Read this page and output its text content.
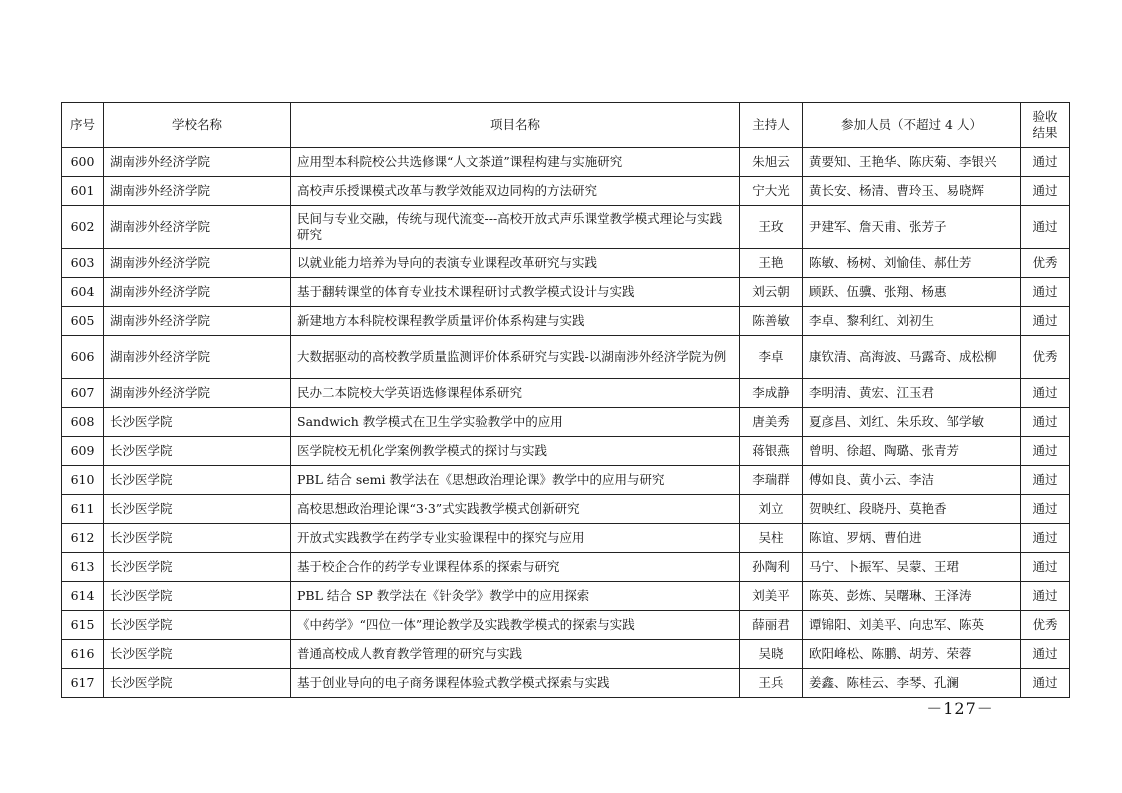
序号	学校名称	项目名称	主持人	参加人员（不超过 4 人）	验收
结果
600	湖南涉外经济学院	应用型本科院校公共选修课“人文茶道”课程构建与实施研究	朱旭云	黄要知、王艳华、陈庆菊、李银兴	通过
601	湖南涉外经济学院	高校声乐授课模式改革与教学效能双边同构的方法研究	宁大光	黄长安、杨清、曹玲玉、易晓辉	通过
602	湖南涉外经济学院	民间与专业交融，传统与现代流变---高校开放式声乐课堂教学模式理论与实践研究	王玫	尹建军、詹天甫、张芳子	通过
603	湖南涉外经济学院	以就业能力培养为导向的表演专业课程改革研究与实践	王艳	陈敏、杨树、刘愉佳、郝仕芳	优秀
604	湖南涉外经济学院	基于翻转课堂的体育专业技术课程研讨式教学模式设计与实践	刘云朝	顾跃、伍骥、张翔、杨惠	通过
605	湖南涉外经济学院	新建地方本科院校课程教学质量评价体系构建与实践	陈善敏	李卓、黎利红、刘初生	通过
606	湖南涉外经济学院	大数据驱动的高校教学质量监测评价体系研究与实践-以湖南涉外经济学院为例	李卓	康钦清、高海波、马露奇、成松柳	优秀
607	湖南涉外经济学院	民办二本院校大学英语选修课程体系研究	李成静	李明清、黄宏、江玉君	通过
608	长沙医学院	Sandwich 教学模式在卫生学实验教学中的应用	唐美秀	夏彦昌、刘红、朱乐玫、邹学敏	通过
609	长沙医学院	医学院校无机化学案例教学模式的探讨与实践	蒋银燕	曾明、徐超、陶璐、张青芳	通过
610	长沙医学院	PBL 结合 semi 教学法在《思想政治理论课》教学中的应用与研究	李瑞群	傅如良、黄小云、李洁	通过
611	长沙医学院	高校思想政治理论课“3·3”式实践教学模式创新研究	刘立	贺映红、段晓丹、莫艳香	通过
612	长沙医学院	开放式实践教学在药学专业实验课程中的探究与应用	吴柱	陈谊、罗炳、曹伯进	通过
613	长沙医学院	基于校企合作的药学专业课程体系的探索与研究	孙陶利	马宁、卜振军、吴蒙、王珺	通过
614	长沙医学院	PBL 结合 SP 教学法在《针灸学》教学中的应用探索	刘美平	陈英、彭炼、吴曙琳、王泽涛	通过
615	长沙医学院	《中药学》“四位一体”理论教学及实践教学模式的探索与实践	薛丽君	谭锦阳、刘美平、向忠军、陈英	优秀
616	长沙医学院	普通高校成人教育教学管理的研究与实践	吴晓	欧阳峰松、陈鹏、胡芳、荣蓉	通过
617	长沙医学院	基于创业导向的电子商务课程体验式教学模式探索与实践	王兵	姜鑫、陈桂云、李琴、孔澜	通过
－127－
